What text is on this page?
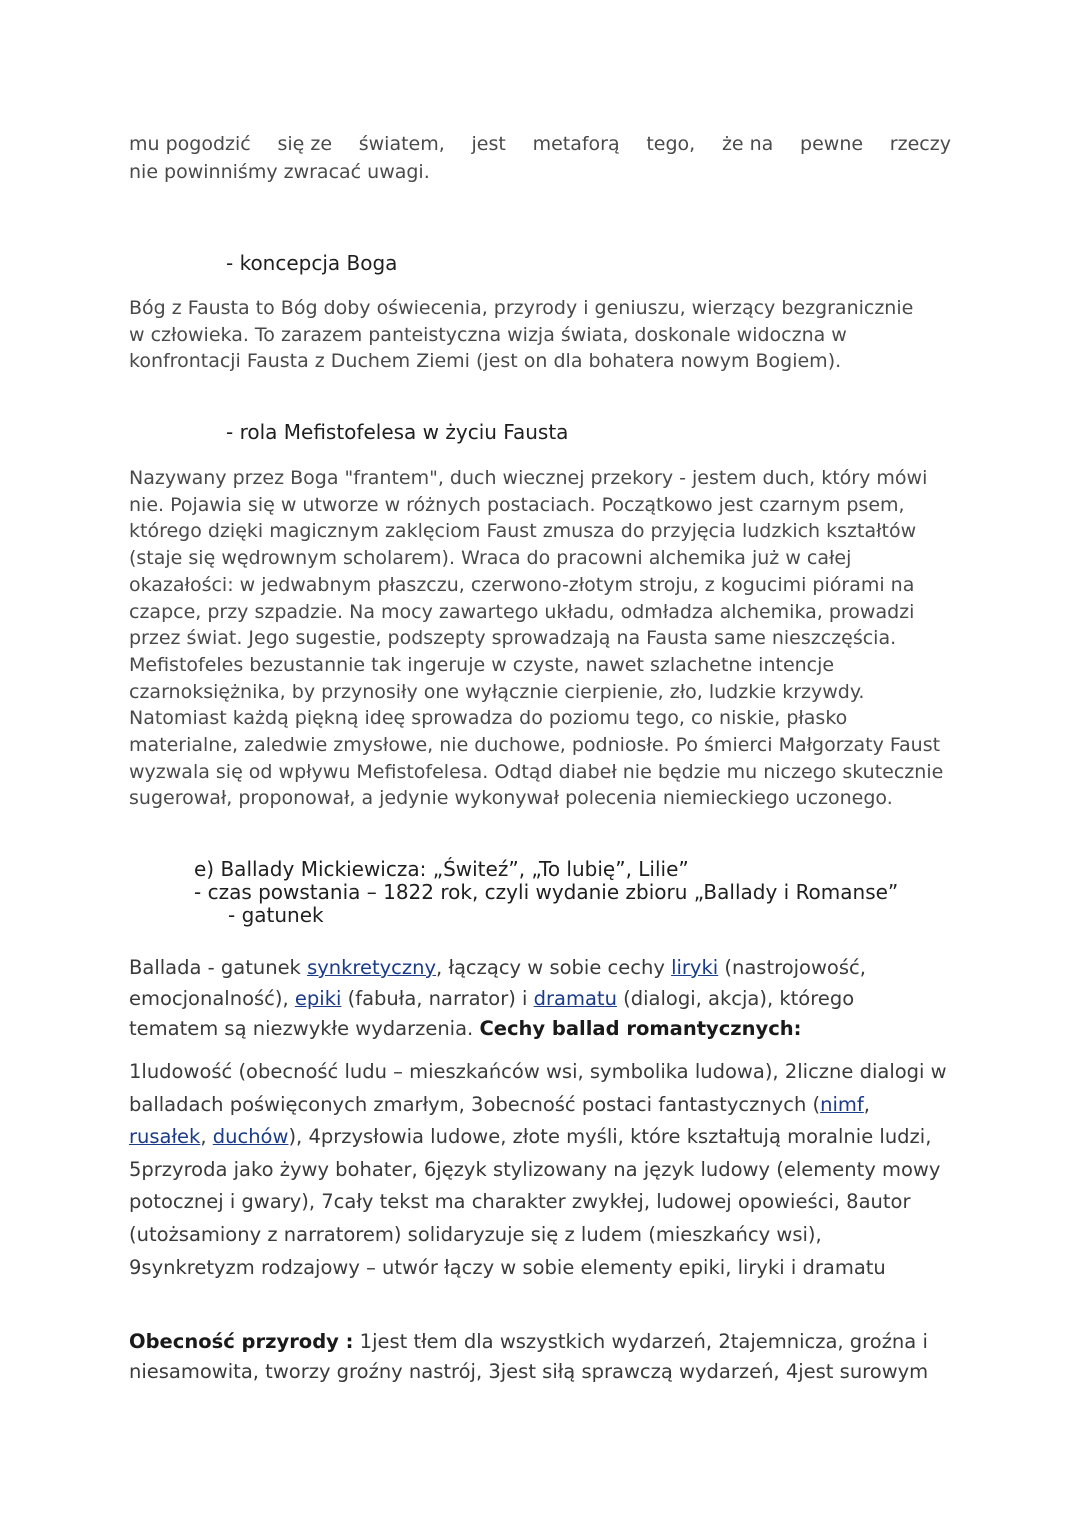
mu pogodzić się ze światem, jest metaforą tego, że na pewne rzeczy
nie powinniśmy zwracać uwagi.

- koncepcja Boga

Bóg z Fausta to Bóg doby oświecenia, przyrody i geniuszu, wierzący bezgranicznie w człowieka. To zarazem panteistyczna wizja świata, doskonale widoczna w konfrontacji Fausta z Duchem Ziemi (jest on dla bohatera nowym Bogiem).

- rola Mefistofelesa w życiu Fausta

Nazywany przez Boga "frantem", duch wiecznej przekory - jestem duch, który mówi nie. Pojawia się w utworze w różnych postaciach. Początkowo jest czarnym psem, którego dzięki magicznym zaklęciom Faust zmusza do przyjęcia ludzkich kształtów (staje się wędrownym scholarem). Wraca do pracowni alchemika już w całej okazałości: w jedwabnym płaszczu, czerwono-złotym stroju, z kogucimi piórami na czapce, przy szpadzie. Na mocy zawartego układu, odmładza alchemika, prowadzi przez świat. Jego sugestie, podszepty sprowadzają na Fausta same nieszczęścia. Mefistofeles bezustannie tak ingeruje w czyste, nawet szlachetne intencje czarnoksiężnika, by przynosiły one wyłącznie cierpienie, zło, ludzkie krzywdy. Natomiast każdą piękną ideę sprowadza do poziomu tego, co niskie, płasko materialne, zaledwie zmysłowe, nie duchowe, podniosłe. Po śmierci Małgorzaty Faust wyzwala się od wpływu Mefistofelesa. Odtąd diabeł nie będzie mu niczego skutecznie sugerował, proponował, a jedynie wykonywał polecenia niemieckiego uczonego.

e) Ballady Mickiewicza: „Świteź”, „To lubię”, Lilie”
- czas powstania – 1822 rok, czyli wydanie zbioru „Ballady i Romanse”
- gatunek

Ballada - gatunek synkretyczny, łączący w sobie cechy liryki (nastrojowość, emocjonalność), epiki (fabuła, narrator) i dramatu (dialogi, akcja), którego tematem są niezwykłe wydarzenia. Cechy ballad romantycznych:

1ludowość (obecność ludu – mieszkańców wsi, symbolika ludowa), 2liczne dialogi w balladach poświęconych zmarłym, 3obecność postaci fantastycznych (nimf, rusałek, duchów), 4przysłowia ludowe, złote myśli, które kształtują moralnie ludzi, 5przyroda jako żywy bohater, 6język stylizowany na język ludowy (elementy mowy potocznej i gwary), 7cały tekst ma charakter zwykłej, ludowej opowieści, 8autor (utożsamiony z narratorem) solidaryzuje się z ludem (mieszkańcy wsi), 9synkretyzm rodzajowy – utwór łączy w sobie elementy epiki, liryki i dramatu

Obecność przyrody : 1jest tłem dla wszystkich wydarzeń, 2tajemnicza, groźna i niesamowita, tworzy groźny nastrój, 3jest siłą sprawczą wydarzeń, 4jest surowym
